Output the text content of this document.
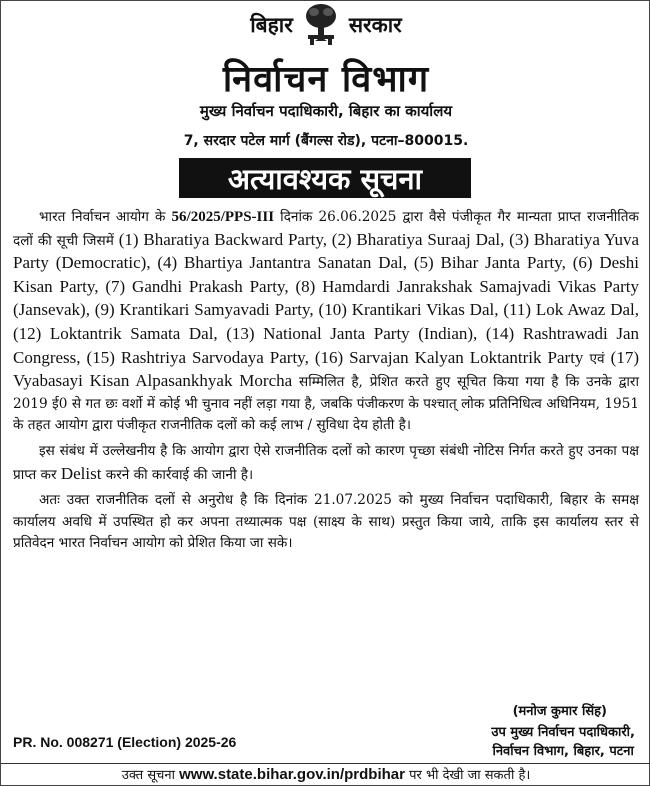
बिहार	सरकार
निर्वाचन विभाग
मुख्य निर्वाचन पदाधिकारी, बिहार का कार्यालय
7, सरदार पटेल मार्ग (बैंगल्स रोड), पटना–800015.
अत्यावश्यक सूचना

भारत निर्वाचन आयोग के 56/2025/PPS-III दिनांक 26.06.2025 द्वारा वैसे पंजीकृत गैर मान्यता प्राप्त राजनीतिक दलों की सूची जिसमें (1) Bharatiya Backward Party, (2) Bharatiya Suraaj Dal, (3) Bharatiya Yuva Party (Democratic), (4) Bhartiya Jantantra Sanatan Dal, (5) Bihar Janta Party, (6) Deshi Kisan Party, (7) Gandhi Prakash Party, (8) Hamdardi Janrakshak Samajvadi Vikas Party (Jansevak), (9) Krantikari Samyavadi Party, (10) Krantikari Vikas Dal, (11) Lok Awaz Dal, (12) Loktantrik Samata Dal, (13) National Janta Party (Indian), (14) Rashtrawadi Jan Congress, (15) Rashtriya Sarvodaya Party, (16) Sarvajan Kalyan Loktantrik Party एवं (17) Vyabasayi Kisan Alpasankhyak Morcha सम्मिलित है, प्रेशित करते हुए सूचित किया गया है कि उनके द्वारा 2019 ई0 से गत छः वर्शो में कोई भी चुनाव नहीं लड़ा गया है, जबकि पंजीकरण के पश्चात् लोक प्रतिनिधित्व अधिनियम, 1951 के तहत आयोग द्वारा पंजीकृत राजनीतिक दलों को कई लाभ / सुविधा देय होती है।

इस संबंध में उल्लेखनीय है कि आयोग द्वारा ऐसे राजनीतिक दलों को कारण पृच्छा संबंधी नोटिस निर्गत करते हुए उनका पक्ष प्राप्त कर Delist करने की कार्रवाई की जानी है।

अतः उक्त राजनीतिक दलों से अनुरोध है कि दिनांक 21.07.2025 को मुख्य निर्वाचन पदाधिकारी, बिहार के समक्ष कार्यालय अवधि में उपस्थित हो कर अपना तथ्यात्मक पक्ष (साक्ष्य के साथ) प्रस्तुत किया जाये, ताकि इस कार्यालय स्तर से प्रतिवेदन भारत निर्वाचन आयोग को प्रेशित किया जा सके।

(मनोज कुमार सिंह)
PR. No. 008271 (Election) 2025-26
उप मुख्य निर्वाचन पदाधिकारी,
निर्वाचन विभाग, बिहार, पटना
उक्त सूचना www.state.bihar.gov.in/prdbihar पर भी देखी जा सकती है।
